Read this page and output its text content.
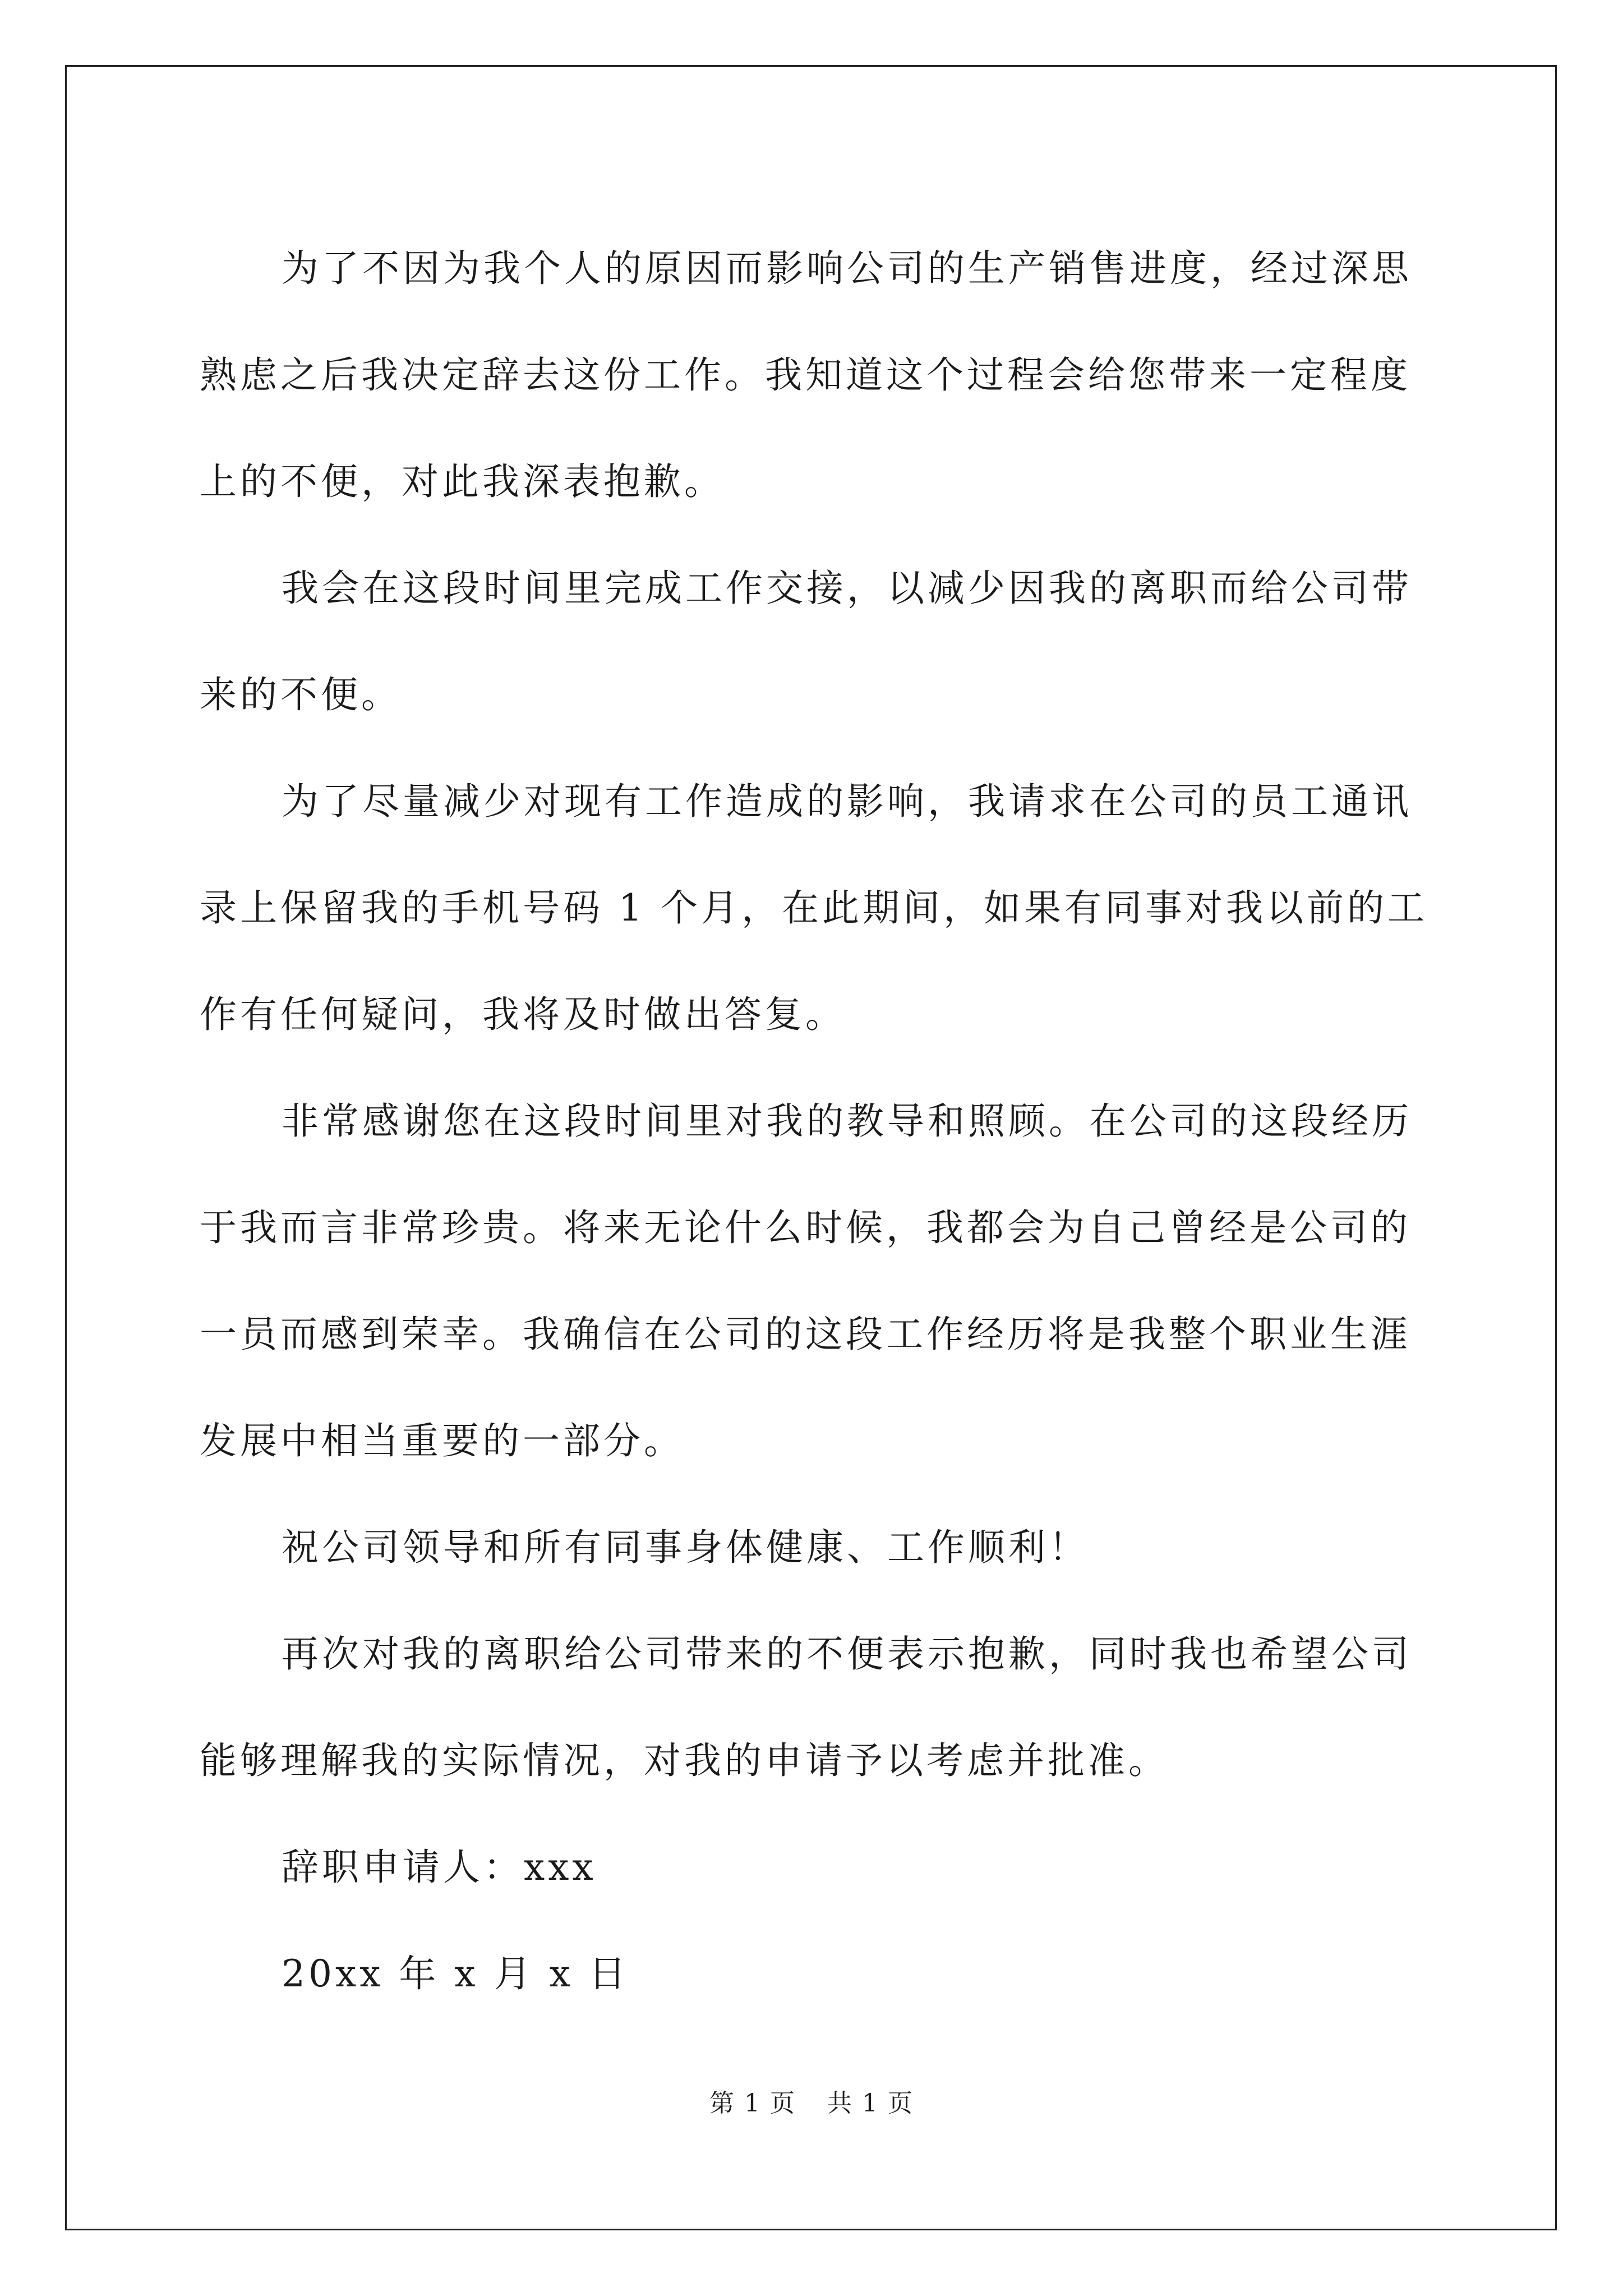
为了不因为我个人的原因而影响公司的生产销售进度，经过深思
熟虑之后我决定辞去这份工作。我知道这个过程会给您带来一定程度
上的不便，对此我深表抱歉。

我会在这段时间里完成工作交接，以减少因我的离职而给公司带
来的不便。

为了尽量减少对现有工作造成的影响，我请求在公司的员工通讯
录上保留我的手机号码 1 个月，在此期间，如果有同事对我以前的工
作有任何疑问，我将及时做出答复。

非常感谢您在这段时间里对我的教导和照顾。在公司的这段经历
于我而言非常珍贵。将来无论什么时候，我都会为自己曾经是公司的
一员而感到荣幸。我确信在公司的这段工作经历将是我整个职业生涯
发展中相当重要的一部分。

祝公司领导和所有同事身体健康、工作顺利！

再次对我的离职给公司带来的不便表示抱歉，同时我也希望公司
能够理解我的实际情况，对我的申请予以考虑并批准。

辞职申请人：xxx

20xx 年 x 月 x 日

第 1 页 共 1 页
